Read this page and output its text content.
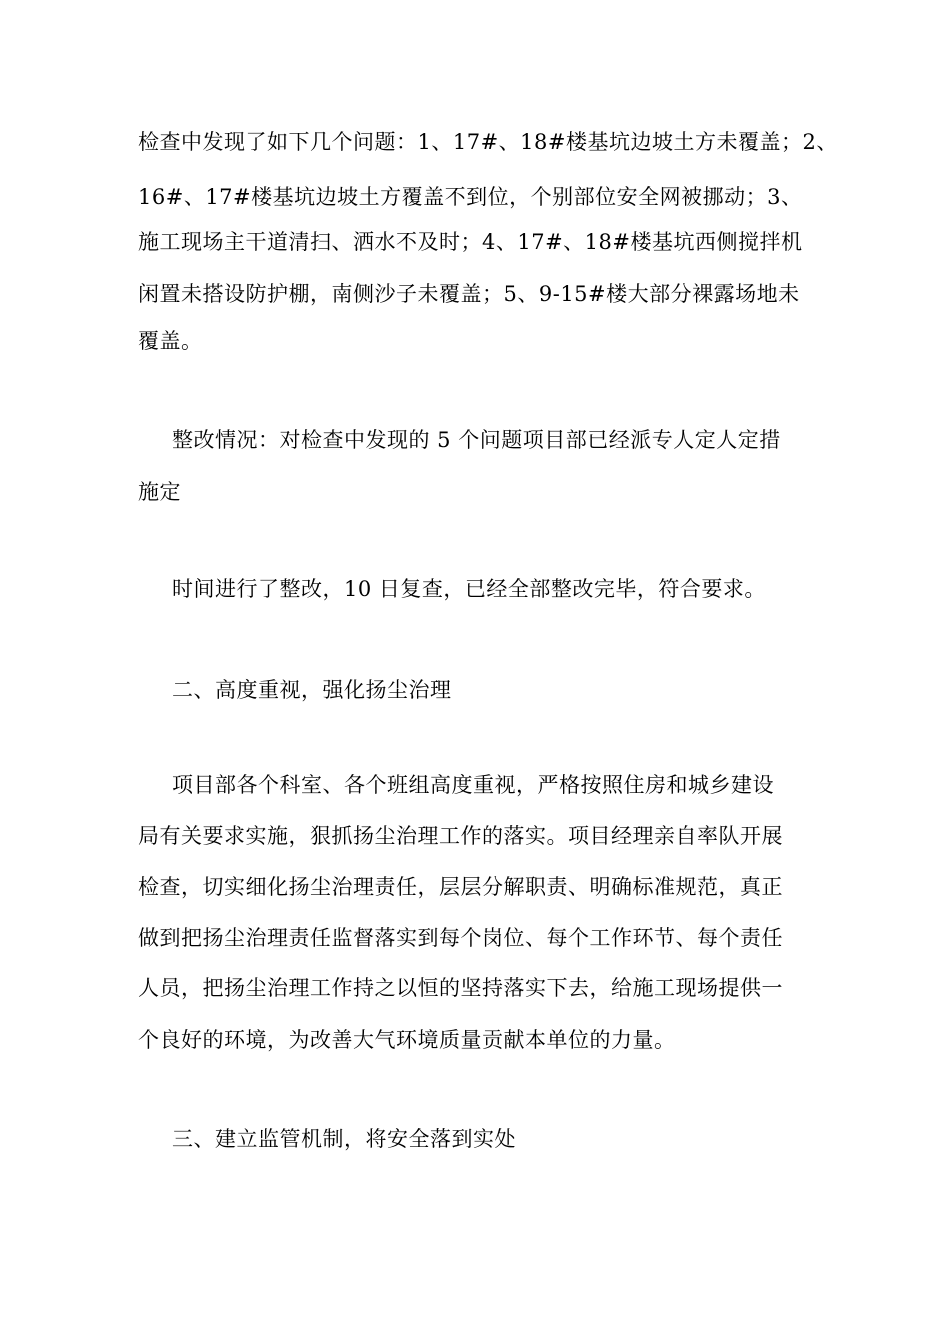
检查中发现了如下几个问题：1、17#、18#楼基坑边坡土方未覆盖；2、
16#、17#楼基坑边坡土方覆盖不到位，个别部位安全网被挪动；3、
施工现场主干道清扫、洒水不及时；4、17#、18#楼基坑西侧搅拌机
闲置未搭设防护棚，南侧沙子未覆盖；5、9-15#楼大部分裸露场地未
覆盖。
整改情况：对检查中发现的 5 个问题项目部已经派专人定人定措
施定
时间进行了整改，10 日复查，已经全部整改完毕，符合要求。
二、高度重视，强化扬尘治理
项目部各个科室、各个班组高度重视，严格按照住房和城乡建设
局有关要求实施，狠抓扬尘治理工作的落实。项目经理亲自率队开展
检查，切实细化扬尘治理责任，层层分解职责、明确标准规范，真正
做到把扬尘治理责任监督落实到每个岗位、每个工作环节、每个责任
人员，把扬尘治理工作持之以恒的坚持落实下去，给施工现场提供一
个良好的环境，为改善大气环境质量贡献本单位的力量。
三、建立监管机制，将安全落到实处
